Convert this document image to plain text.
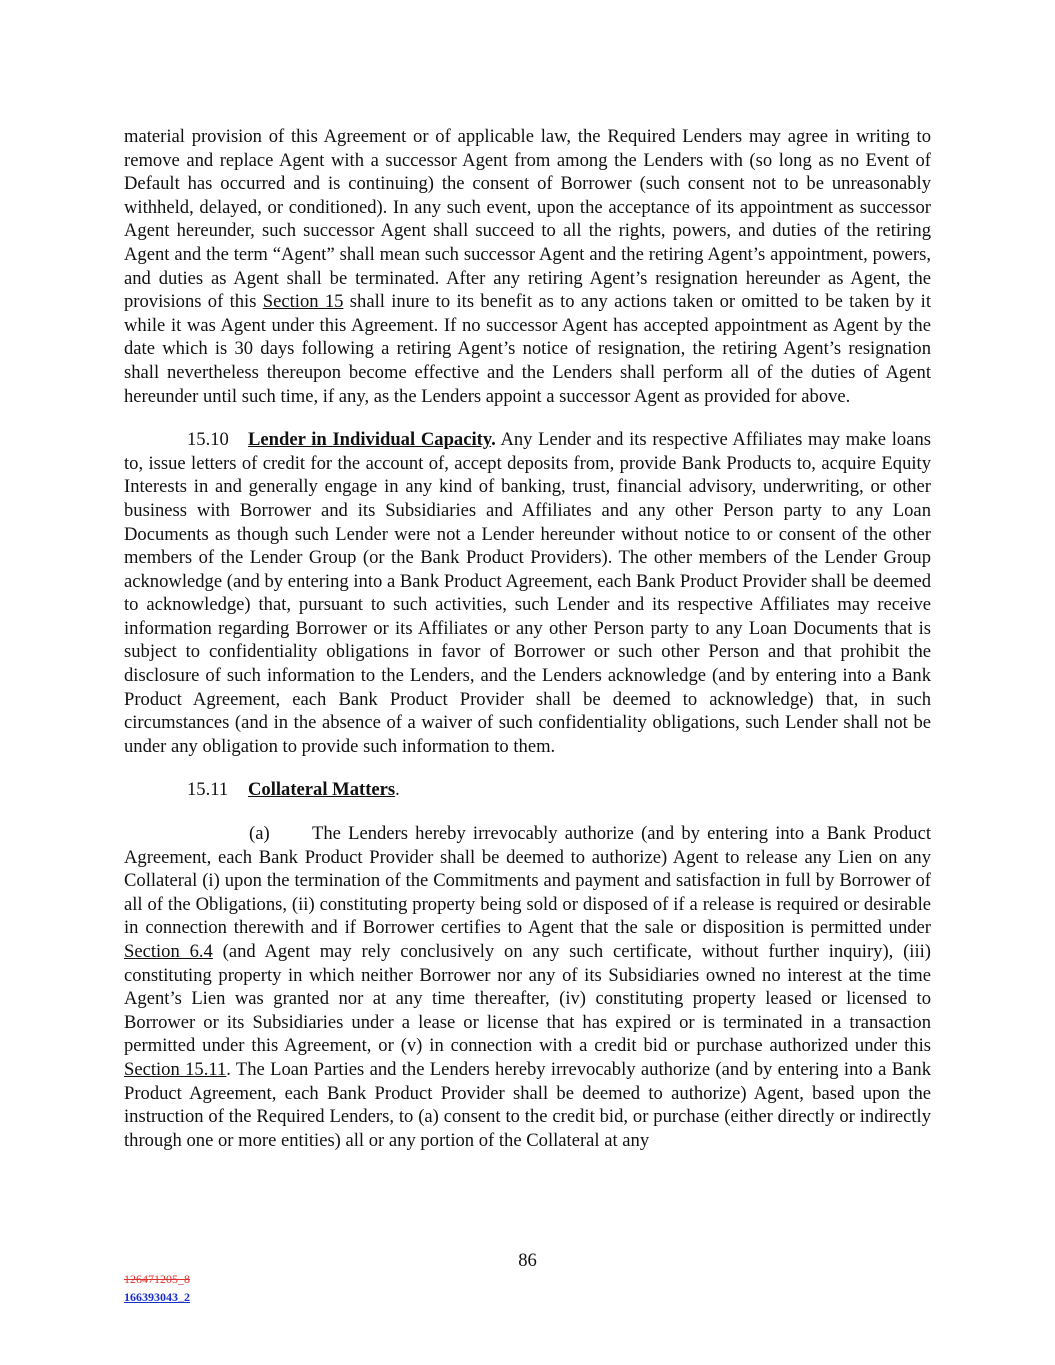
material provision of this Agreement or of applicable law, the Required Lenders may agree in writing to remove and replace Agent with a successor Agent from among the Lenders with (so long as no Event of Default has occurred and is continuing) the consent of Borrower (such consent not to be unreasonably withheld, delayed, or conditioned). In any such event, upon the acceptance of its appointment as successor Agent hereunder, such successor Agent shall succeed to all the rights, powers, and duties of the retiring Agent and the term “Agent” shall mean such successor Agent and the retiring Agent’s appointment, powers, and duties as Agent shall be terminated. After any retiring Agent’s resignation hereunder as Agent, the provisions of this Section 15 shall inure to its benefit as to any actions taken or omitted to be taken by it while it was Agent under this Agreement. If no successor Agent has accepted appointment as Agent by the date which is 30 days following a retiring Agent’s notice of resignation, the retiring Agent’s resignation shall nevertheless thereupon become effective and the Lenders shall perform all of the duties of Agent hereunder until such time, if any, as the Lenders appoint a successor Agent as provided for above.

15.10 Lender in Individual Capacity. Any Lender and its respective Affiliates may make loans to, issue letters of credit for the account of, accept deposits from, provide Bank Products to, acquire Equity Interests in and generally engage in any kind of banking, trust, financial advisory, underwriting, or other business with Borrower and its Subsidiaries and Affiliates and any other Person party to any Loan Documents as though such Lender were not a Lender hereunder without notice to or consent of the other members of the Lender Group (or the Bank Product Providers). The other members of the Lender Group acknowledge (and by entering into a Bank Product Agreement, each Bank Product Provider shall be deemed to acknowledge) that, pursuant to such activities, such Lender and its respective Affiliates may receive information regarding Borrower or its Affiliates or any other Person party to any Loan Documents that is subject to confidentiality obligations in favor of Borrower or such other Person and that prohibit the disclosure of such information to the Lenders, and the Lenders acknowledge (and by entering into a Bank Product Agreement, each Bank Product Provider shall be deemed to acknowledge) that, in such circumstances (and in the absence of a waiver of such confidentiality obligations, such Lender shall not be under any obligation to provide such information to them.

15.11 Collateral Matters.

(a) The Lenders hereby irrevocably authorize (and by entering into a Bank Product Agreement, each Bank Product Provider shall be deemed to authorize) Agent to release any Lien on any Collateral (i) upon the termination of the Commitments and payment and satisfaction in full by Borrower of all of the Obligations, (ii) constituting property being sold or disposed of if a release is required or desirable in connection therewith and if Borrower certifies to Agent that the sale or disposition is permitted under Section 6.4 (and Agent may rely conclusively on any such certificate, without further inquiry), (iii) constituting property in which neither Borrower nor any of its Subsidiaries owned no interest at the time Agent’s Lien was granted nor at any time thereafter, (iv) constituting property leased or licensed to Borrower or its Subsidiaries under a lease or license that has expired or is terminated in a transaction permitted under this Agreement, or (v) in connection with a credit bid or purchase authorized under this Section 15.11. The Loan Parties and the Lenders hereby irrevocably authorize (and by entering into a Bank Product Agreement, each Bank Product Provider shall be deemed to authorize) Agent, based upon the instruction of the Required Lenders, to (a) consent to the credit bid, or purchase (either directly or indirectly through one or more entities) all or any portion of the Collateral at any

86
126471205_8
166393043_2
